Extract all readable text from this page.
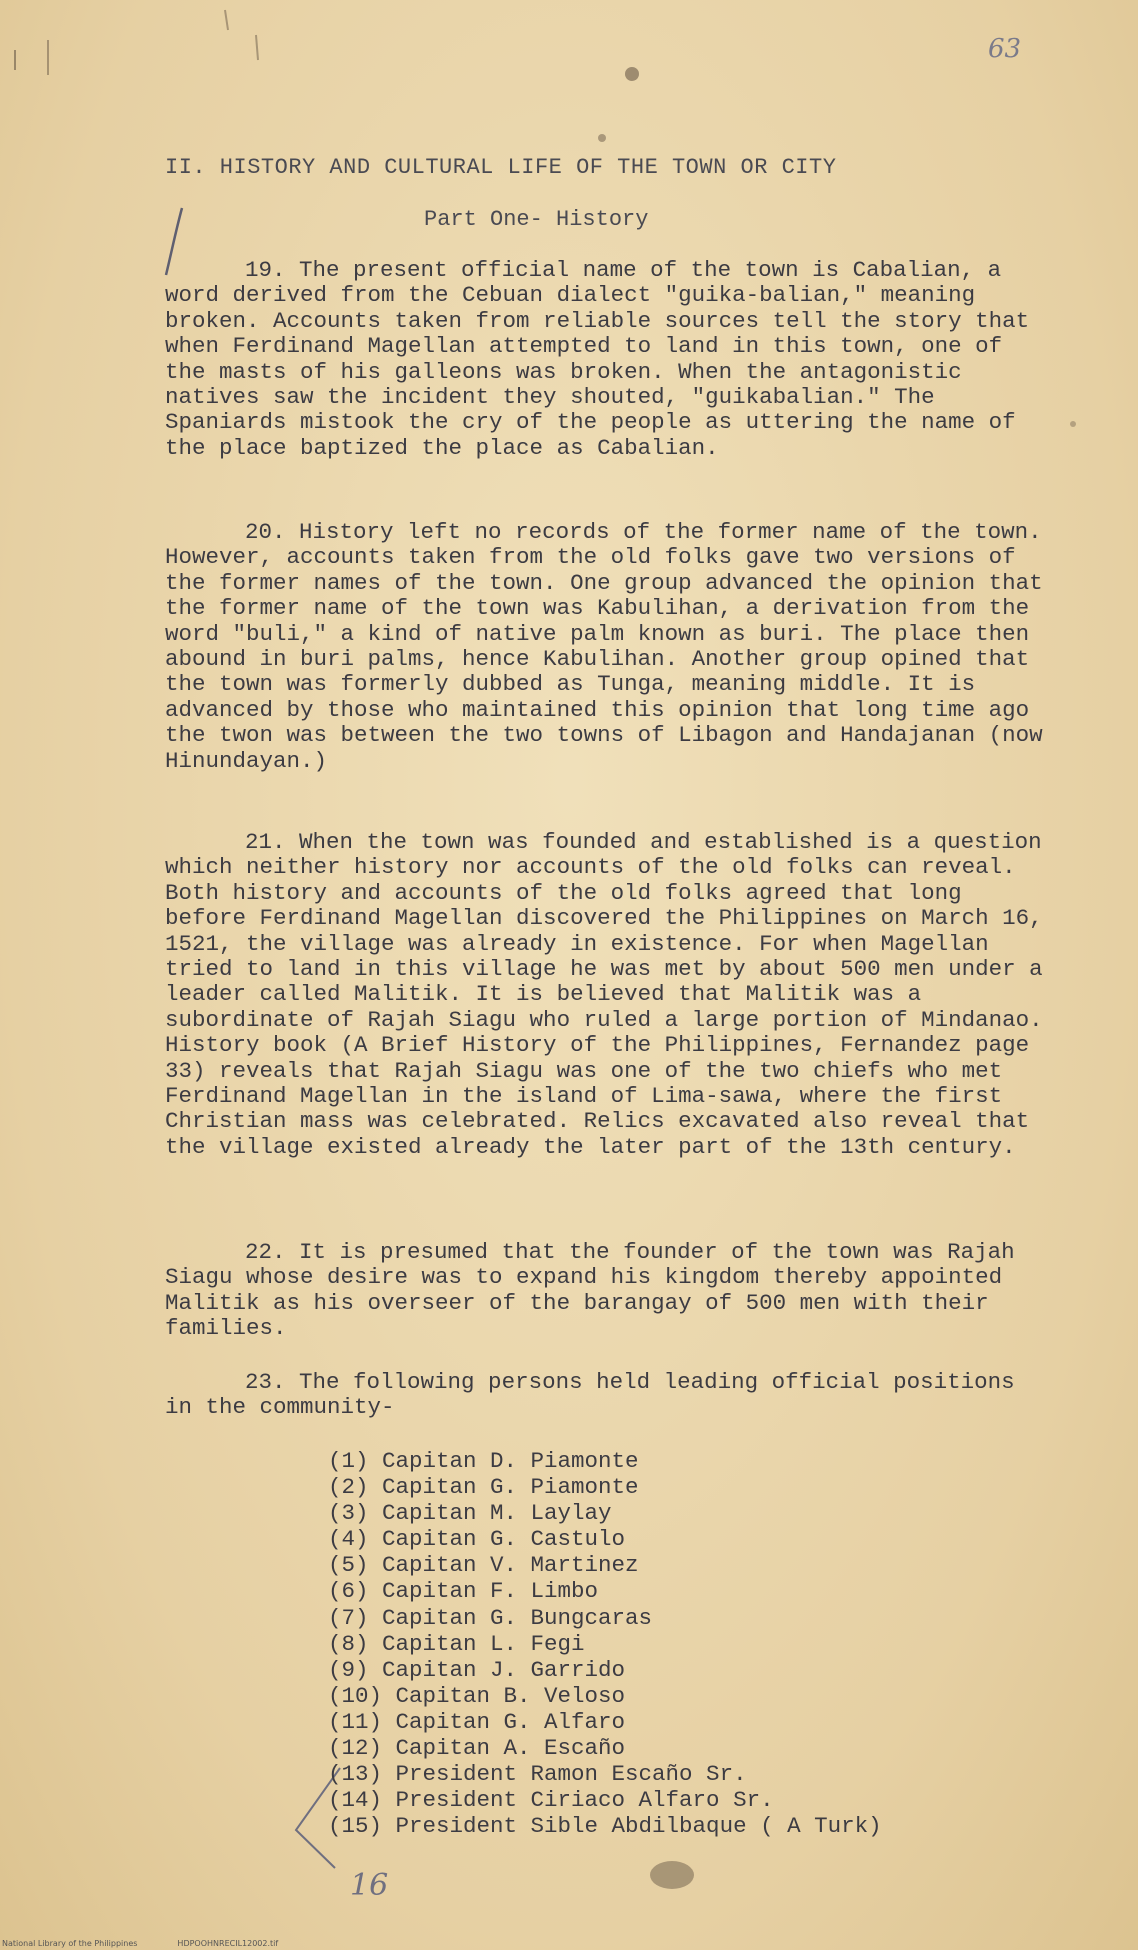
63
II. HISTORY AND CULTURAL LIFE OF THE TOWN OR CITY
Part One- History
19. The present official name of the town is Cabalian, a word derived from the Cebuan dialect "guika-balian," meaning broken. Accounts taken from reliable sources tell the story that when Ferdinand Magellan attempted to land in this town, one of the masts of his galleons was broken. When the antagonistic natives saw the incident they shouted, "guikabalian." The Spaniards mistook the cry of the people as uttering the name of the place baptized the place as Cabalian.
20. History left no records of the former name of the town. However, accounts taken from the old folks gave two versions of the former names of the town. One group advanced the opinion that the former name of the town was Kabulihan, a derivation from the word "buli," a kind of native palm known as buri. The place then abound in buri palms, hence Kabulihan. Another group opined that the town was formerly dubbed as Tunga, meaning middle. It is advanced by those who maintained this opinion that long time ago the twon was between the two towns of Libagon and Handajanan (now Hinundayan.)
21. When the town was founded and established is a question which neither history nor accounts of the old folks can reveal. Both history and accounts of the old folks agreed that long before Ferdinand Magellan discovered the Philippines on March 16, 1521, the village was already in existence. For when Magellan tried to land in this village he was met by about 500 men under a leader called Malitik. It is believed that Malitik was a subordinate of Rajah Siagu who ruled a large portion of Mindanao. History book (A Brief History of the Philippines, Fernandez page 33) reveals that Rajah Siagu was one of the two chiefs who met Ferdinand Magellan in the island of Lima-sawa, where the first Christian mass was celebrated. Relics excavated also reveal that the village existed already the later part of the 13th century.
22. It is presumed that the founder of the town was Rajah Siagu whose desire was to expand his kingdom thereby appointed Malitik as his overseer of the barangay of 500 men with their families.
23. The following persons held leading official positions in the community-
(1) Capitan D. Piamonte
(2) Capitan G. Piamonte
(3) Capitan M. Laylay
(4) Capitan G. Castulo
(5) Capitan V. Martinez
(6) Capitan F. Limbo
(7) Capitan G. Bungcaras
(8) Capitan L. Fegi
(9) Capitan J. Garrido
(10) Capitan B. Veloso
(11) Capitan G. Alfaro
(12) Capitan A. Escaño
(13) President Ramon Escaño Sr.
(14) President Ciriaco Alfaro Sr.
(15) President Sible Abdilbaque ( A Turk)
16
National Library of the Philippines	HDPOOHNRECIL12002.tif
